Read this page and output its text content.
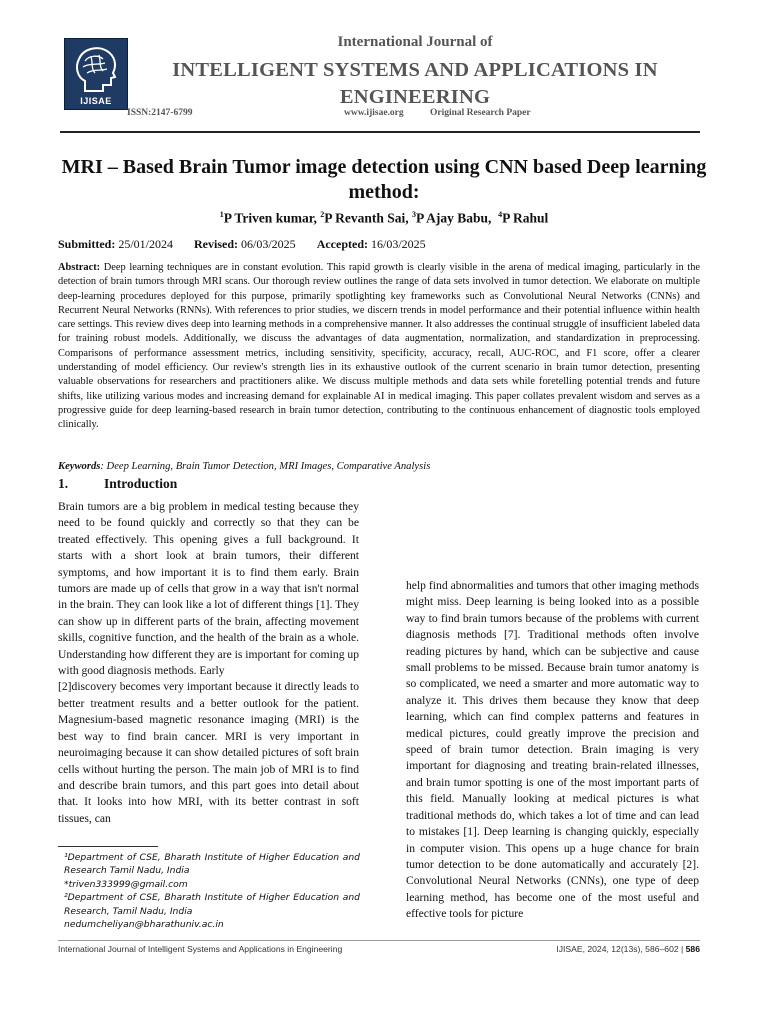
IJISAE
International Journal of
INTELLIGENT SYSTEMS AND APPLICATIONS IN ENGINEERING
ISSN:2147-6799	www.ijisae.org	Original Research Paper
MRI – Based Brain Tumor image detection using CNN based Deep learning method:
$^1$P Triven kumar, $^2$P Revanth Sai, $^3$P Ajay Babu, $^4$P Rahul
Submitted: 25/01/2024 Revised: 06/03/2025 Accepted: 16/03/2025
Abstract: Deep learning techniques are in constant evolution. This rapid growth is clearly visible in the arena of medical imaging, particularly in the detection of brain tumors through MRI scans. Our thorough review outlines the range of data sets involved in tumor detection. We elaborate on multiple deep-learning procedures deployed for this purpose, primarily spotlighting key frameworks such as Convolutional Neural Networks (CNNs) and Recurrent Neural Networks (RNNs). With references to prior studies, we discern trends in model performance and their potential influence within health care settings. This review dives deep into learning methods in a comprehensive manner. It also addresses the continual struggle of insufficient labeled data for training robust models. Additionally, we discuss the advantages of data augmentation, normalization, and standardization in preprocessing. Comparisons of performance assessment metrics, including sensitivity, specificity, accuracy, recall, AUC-ROC, and F1 score, offer a clearer understanding of model efficiency. Our review's strength lies in its exhaustive outlook of the current scenario in brain tumor detection, presenting valuable observations for researchers and practitioners alike. We discuss multiple methods and data sets while foretelling potential trends and future shifts, like utilizing various modes and increasing demand for explainable AI in medical imaging. This paper collates prevalent wisdom and serves as a progressive guide for deep learning-based research in brain tumor detection, contributing to the continuous enhancement of diagnostic tools employed clinically.
Keywords: Deep Learning, Brain Tumor Detection, MRI Images, Comparative Analysis
1.	Introduction

Brain tumors are a big problem in medical testing because they need to be found quickly and correctly so that they can be treated effectively. This opening gives a full background. It starts with a short look at brain tumors, their different symptoms, and how important it is to find them early. Brain tumors are made up of cells that grow in a way that isn't normal in the brain. They can look like a lot of different things [1]. They can show up in different parts of the brain, affecting movement skills, cognitive function, and the health of the brain as a whole. Understanding how different they are is important for coming up with good diagnosis methods. Early

[2]discovery becomes very important because it directly leads to better treatment results and a better outlook for the patient. Magnesium-based magnetic resonance imaging (MRI) is the best way to find brain cancer. MRI is very important in neuroimaging because it can show detailed pictures of soft brain cells without hurting the person. The main job of MRI is to find and describe brain tumors, and this part goes into detail about that. It looks into how MRI, with its better contrast in soft tissues, can

help find abnormalities and tumors that other imaging methods might miss. Deep learning is being looked into as a possible way to find brain tumors because of the problems with current diagnosis methods [7]. Traditional methods often involve reading pictures by hand, which can be subjective and cause small problems to be missed. Because brain tumor anatomy is so complicated, we need a smarter and more automatic way to analyze it. This drives them because they know that deep learning, which can find complex patterns and features in medical pictures, could greatly improve the precision and speed of brain tumor detection. Brain imaging is very important for diagnosing and treating brain-related illnesses, and brain tumor spotting is one of the most important parts of this field. Manually looking at medical pictures is what traditional methods do, which takes a lot of time and can lead to mistakes [1]. Deep learning is changing quickly, especially in computer vision. This opens up a huge chance for brain tumor detection to be done automatically and accurately [2]. Convolutional Neural Networks (CNNs), one type of deep learning method, has become one of the most useful and effective tools for picture

¹Department of CSE, Bharath Institute of Higher Education and Research Tamil Nadu, India
*triven333999@gmail.com
²Department of CSE, Bharath Institute of Higher Education and Research, Tamil Nadu, India
nedumcheliyan@bharathuniv.ac.in
International Journal of Intelligent Systems and Applications in Engineering	IJISAE, 2024, 12(13s), 586–602 | 586
